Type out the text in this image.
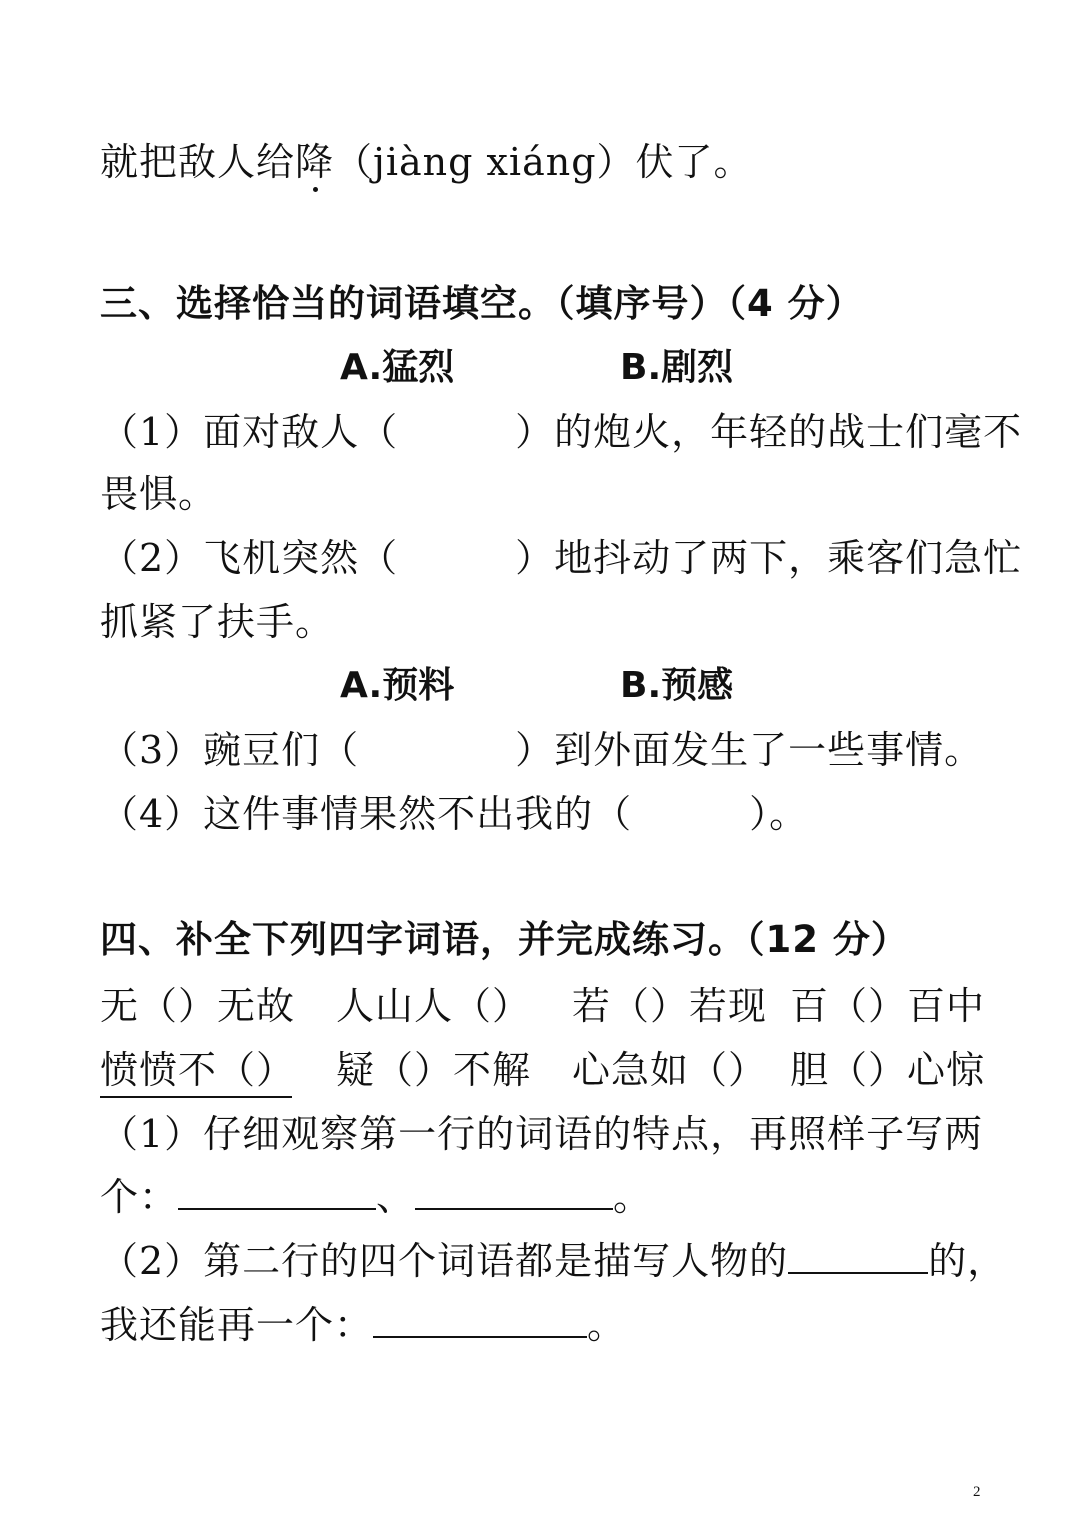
就把敌人给降（jiàng xiáng）伏了。
三、选择恰当的词语填空。（填序号）（4 分）
A.猛烈	B.剧烈
（1）面对敌人（　　　）的炮火，年轻的战士们毫不
畏惧。
（2）飞机突然（　　　）地抖动了两下，乘客们急忙
抓紧了扶手。
A.预料	B.预感
（3）豌豆们（　　　　）到外面发生了一些事情。
（4）这件事情果然不出我的（　　　）。
四、补全下列四字词语，并完成练习。（12 分）
无（）无故 人山人（） 若（）若现 百（）百中
愤愤不（） 疑（）不解 心急如（） 胆（）心惊
（1）仔细观察第一行的词语的特点，再照样子写两
个：	、	。
（2）第二行的四个词语都是描写人物的	的，
我还能再一个：	。
2
